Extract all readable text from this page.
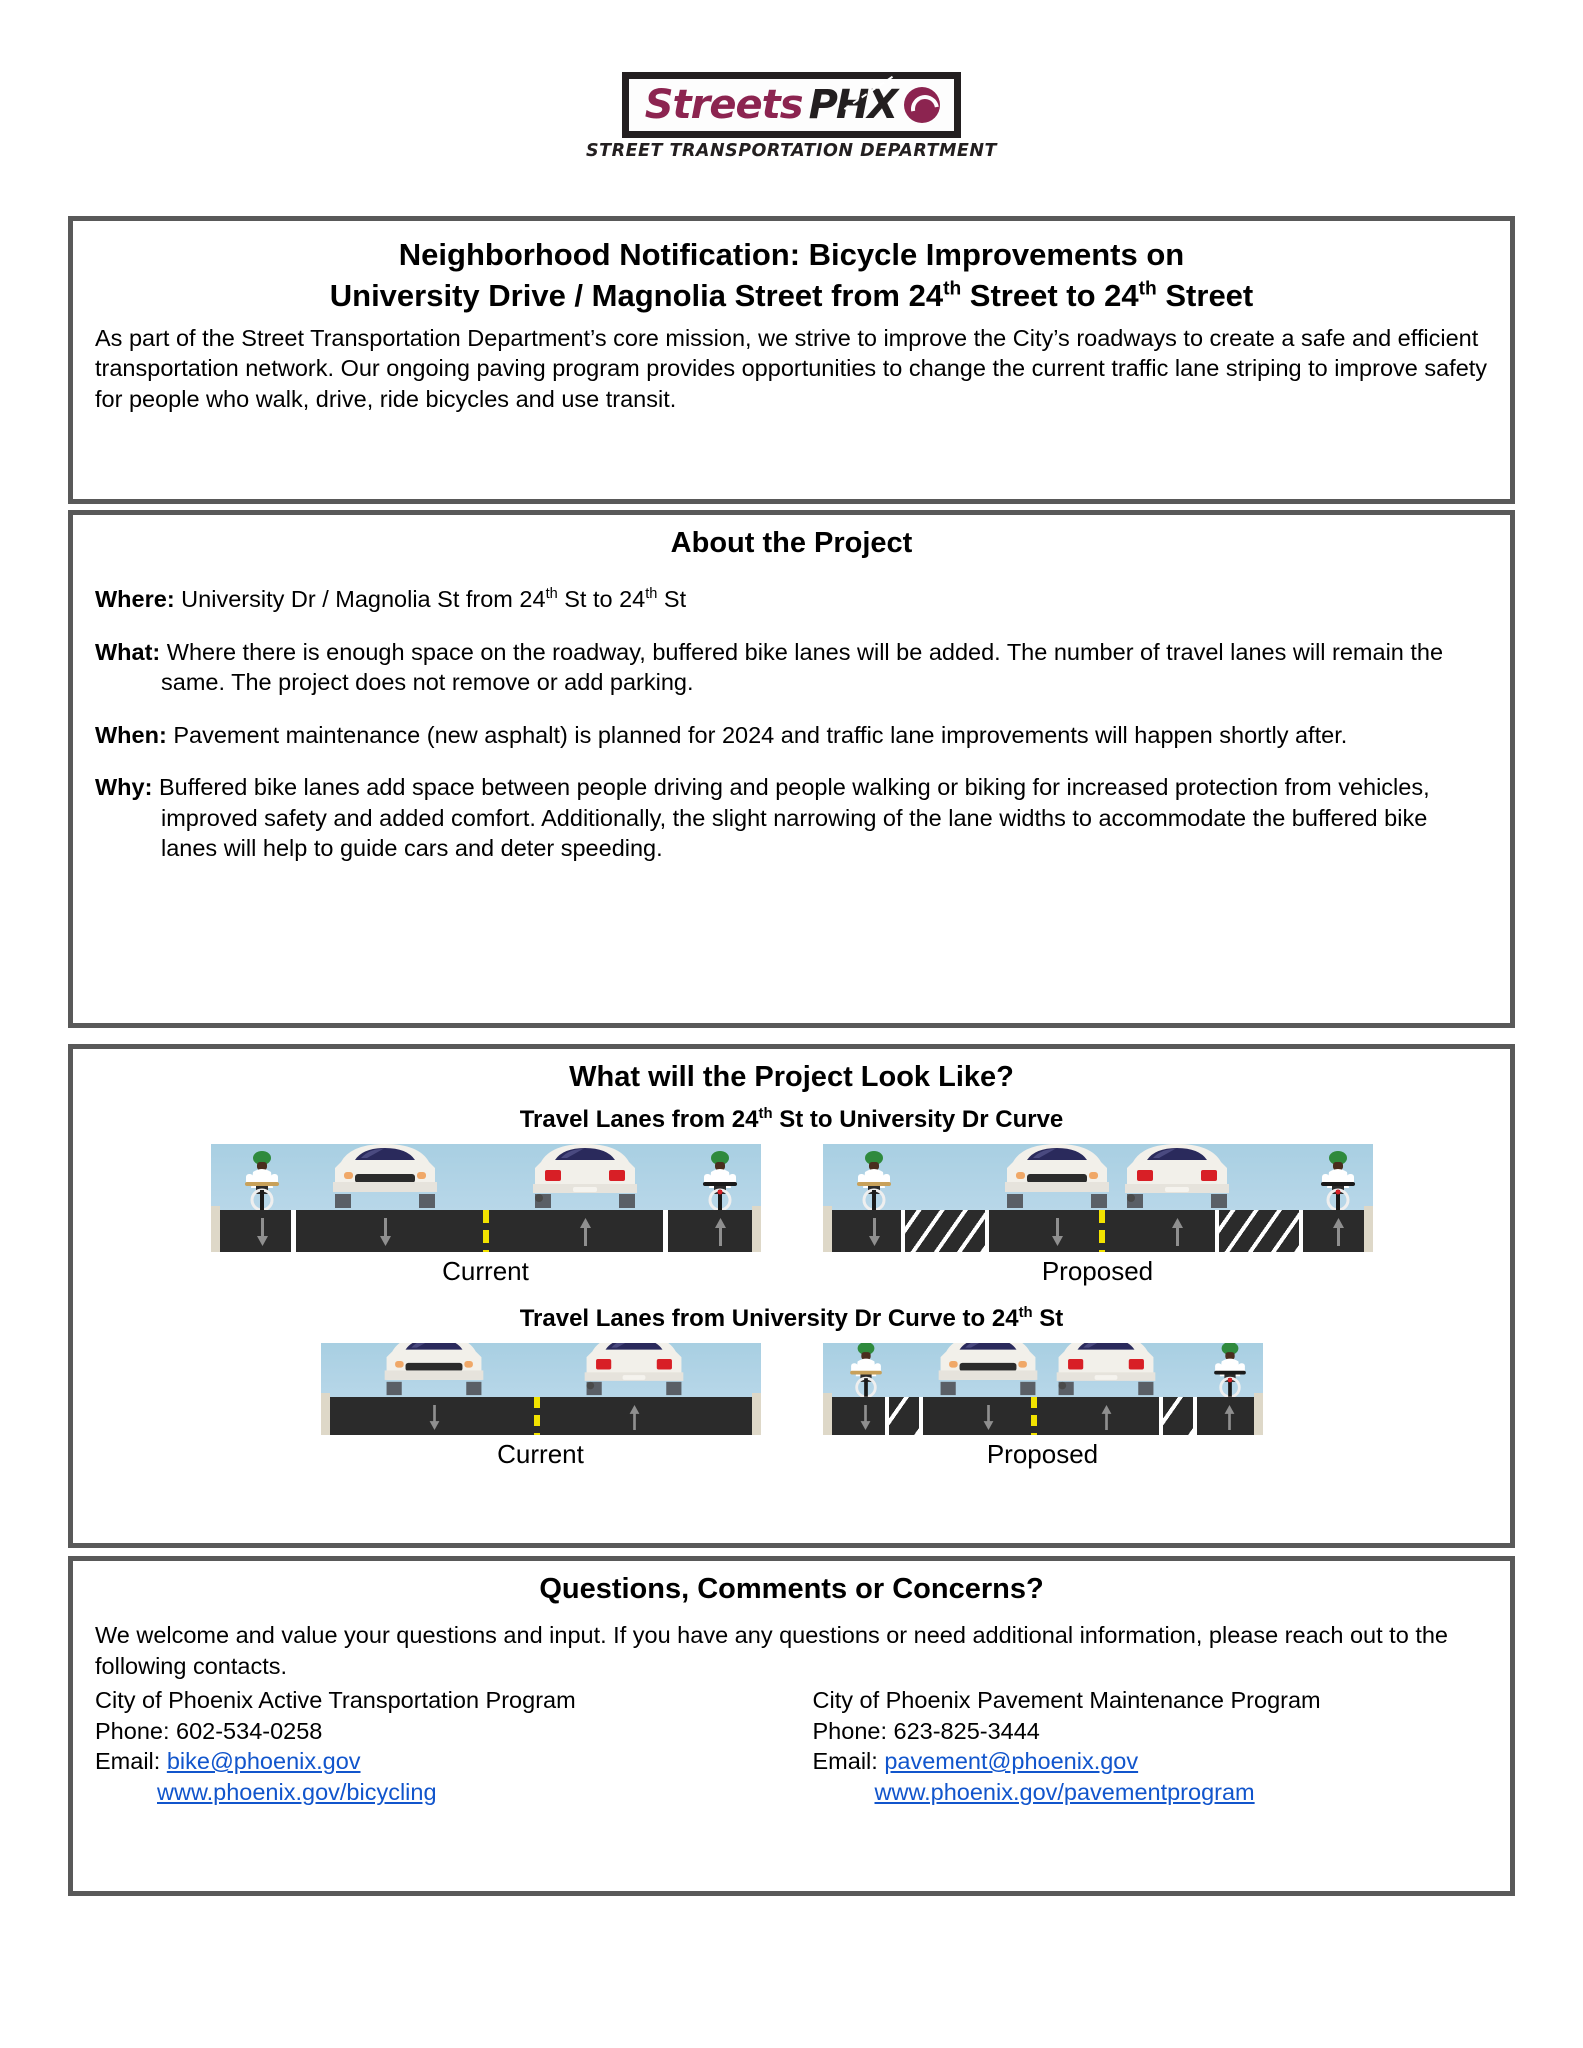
Streets PHX
STREET TRANSPORTATION DEPARTMENT
Neighborhood Notification: Bicycle Improvements on
University Drive / Magnolia Street from 24th Street to 24th Street

As part of the Street Transportation Department’s core mission, we strive to improve the City’s roadways to create a safe and efficient transportation network. Our ongoing paving program provides opportunities to change the current traffic lane striping to improve safety for people who walk, drive, ride bicycles and use transit.

About the Project

Where: University Dr / Magnolia St from 24th St to 24th St

What: Where there is enough space on the roadway, buffered bike lanes will be added. The number of travel lanes will remain the same. The project does not remove or add parking.

When: Pavement maintenance (new asphalt) is planned for 2024 and traffic lane improvements will happen shortly after.

Why: Buffered bike lanes add space between people driving and people walking or biking for increased protection from vehicles, improved safety and added comfort. Additionally, the slight narrowing of the lane widths to accommodate the buffered bike lanes will help to guide cars and deter speeding.

What will the Project Look Like?
Travel Lanes from 24th St to University Dr Curve
Current	Proposed
Travel Lanes from University Dr Curve to 24th St
Current	Proposed
Questions, Comments or Concerns?

We welcome and value your questions and input. If you have any questions or need additional information, please reach out to the following contacts.

City of Phoenix Active Transportation Program
Phone: 602-534-0258
Email: bike@phoenix.gov
www.phoenix.gov/bicycling
City of Phoenix Pavement Maintenance Program
Phone: 623-825-3444
Email: pavement@phoenix.gov
www.phoenix.gov/pavementprogram
